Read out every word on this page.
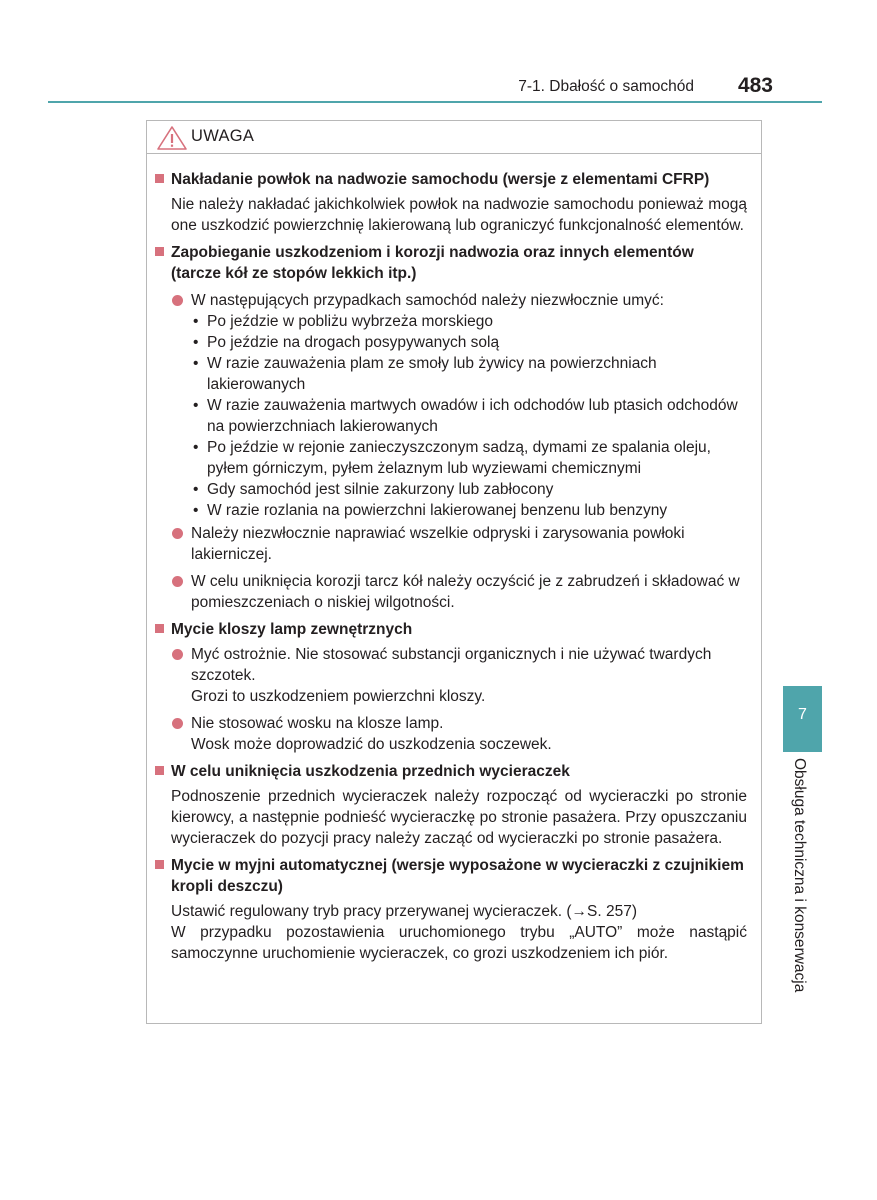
7-1. Dbałość o samochód 483
UWAGA
Nakładanie powłok na nadwozie samochodu (wersje z elementami CFRP)
Nie należy nakładać jakichkolwiek powłok na nadwozie samochodu ponieważ mogą one uszkodzić powierzchnię lakierowaną lub ograniczyć funkcjonalność elementów.
Zapobieganie uszkodzeniom i korozji nadwozia oraz innych elementów (tarcze kół ze stopów lekkich itp.)
W następujących przypadkach samochód należy niezwłocznie umyć:
• Po jeździe w pobliżu wybrzeża morskiego
• Po jeździe na drogach posypywanych solą
• W razie zauważenia plam ze smoły lub żywicy na powierzchniach lakierowanych
• W razie zauważenia martwych owadów i ich odchodów lub ptasich odchodów na powierzchniach lakierowanych
• Po jeździe w rejonie zanieczyszczonym sadzą, dymami ze spalania oleju, pyłem górniczym, pyłem żelaznym lub wyziewami chemicznymi
• Gdy samochód jest silnie zakurzony lub zabłocony
• W razie rozlania na powierzchni lakierowanej benzenu lub benzyny
Należy niezwłocznie naprawiać wszelkie odpryski i zarysowania powłoki lakierniczej.
W celu uniknięcia korozji tarcz kół należy oczyścić je z zabrudzeń i składować w pomieszczeniach o niskiej wilgotności.
Mycie kloszy lamp zewnętrznych
Myć ostrożnie. Nie stosować substancji organicznych i nie używać twardych szczotek.
Grozi to uszkodzeniem powierzchni kloszy.
Nie stosować wosku na klosze lamp.
Wosk może doprowadzić do uszkodzenia soczewek.
W celu uniknięcia uszkodzenia przednich wycieraczek
Podnoszenie przednich wycieraczek należy rozpocząć od wycieraczki po stronie kierowcy, a następnie podnieść wycieraczkę po stronie pasażera. Przy opuszczaniu wycieraczek do pozycji pracy należy zacząć od wycieraczki po stronie pasażera.
Mycie w myjni automatycznej (wersje wyposażone w wycieraczki z czujnikiem kropli deszczu)
Ustawić regulowany tryb pracy przerywanej wycieraczek. (→S. 257)
W przypadku pozostawienia uruchomionego trybu „AUTO” może nastąpić samoczynne uruchomienie wycieraczek, co grozi uszkodzeniem ich piór.
7
Obsługa techniczna i konserwacja
